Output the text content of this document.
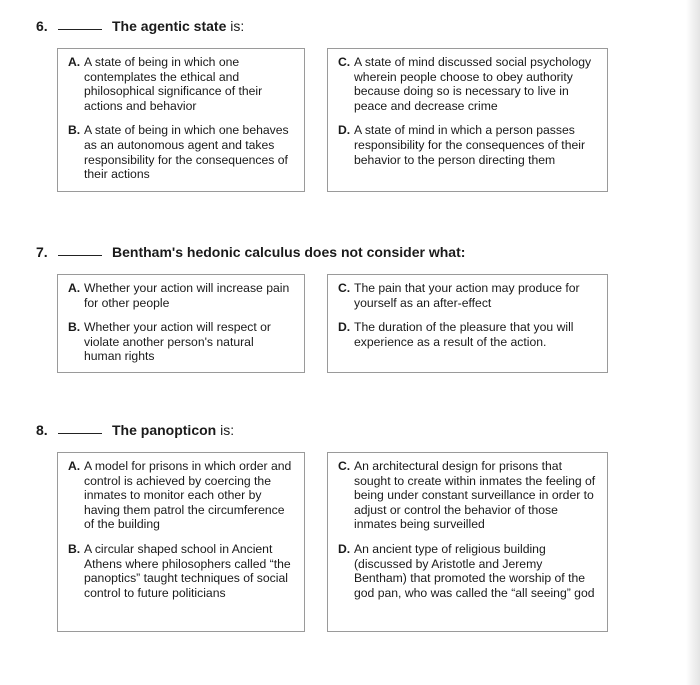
6.	The agentic state is:
A. A state of being in which one contemplates the ethical and philosophical significance of their actions and behavior
B. A state of being in which one behaves as an autonomous agent and takes responsibility for the consequences of their actions
C. A state of mind discussed social psychology wherein people choose to obey authority because doing so is necessary to live in peace and decrease crime
D. A state of mind in which a person passes responsibility for the consequences of their behavior to the person directing them
7.	Bentham's hedonic calculus does not consider what:
A. Whether your action will increase pain for other people
B. Whether your action will respect or violate another person's natural human rights
C. The pain that your action may produce for yourself as an after-effect
D. The duration of the pleasure that you will experience as a result of the action.
8.	The panopticon is:
A. A model for prisons in which order and control is achieved by coercing the inmates to monitor each other by having them patrol the circumference of the building
B. A circular shaped school in Ancient Athens where philosophers called “the panoptics” taught techniques of social control to future politicians
C. An architectural design for prisons that sought to create within inmates the feeling of being under constant surveillance in order to adjust or control the behavior of those inmates being surveilled
D. An ancient type of religious building (discussed by Aristotle and Jeremy Bentham) that promoted the worship of the god pan, who was called the “all seeing” god
